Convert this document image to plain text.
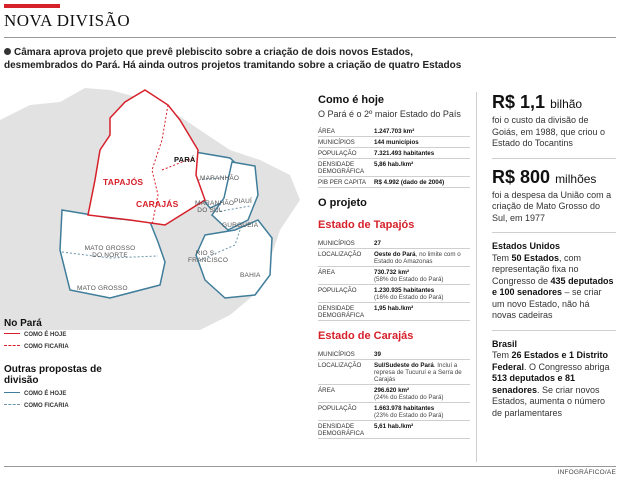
NOVA DIVISÃO
Câmara aprova projeto que prevê plebiscito sobre a criação de dois novos Estados, desmembrados do Pará. Há ainda outros projetos tramitando sobre a criação de quatro Estados
PARÁ
TAPAJÓS
CARAJÁS
MARANHÃO
MARANHÃO DO SUL
PIAUÍ
GURGUEIA
MATO GROSSO DO NORTE
MATO GROSSO
RIO S. FRANCISCO
BAHIA
No Pará
COMO É HOJE
COMO FICARIA
Outras propostas de divisão
COMO É HOJE
COMO FICARIA
Como é hoje
O Pará é o 2º maior Estado do País
ÁREA	1.247.703 km²
MUNICÍPIOS	144 municípios
POPULAÇÃO	7.321.493 habitantes
DENSIDADE DEMOGRÁFICA	5,86 hab./km²
PIB PER CAPITA	R$ 4.992 (dado de 2004)
O projeto
Estado de Tapajós
MUNICÍPIOS	27
LOCALIZAÇÃO	Oeste do Pará, no limite com o Estado do Amazonas
ÁREA	730.732 km²
(58% do Estado do Pará)
POPULAÇÃO	1.230.935 habitantes
(16% do Estado do Pará)
DENSIDADE DEMOGRÁFICA	1,95 hab./km²
Estado de Carajás
MUNICÍPIOS	39
LOCALIZAÇÃO	Sul/Sudeste do Pará. Incluí a represa de Tucuruí e a Serra de Carajás
ÁREA	296.620 km²
(24% do Estado do Pará)
POPULAÇÃO	1.663.978 habitantes
(23% do Estado do Pará)
DENSIDADE DEMOGRÁFICA	5,61 hab./km²
R$ 1,1 bilhão
foi o custo da divisão de Goiás, em 1988, que criou o Estado do Tocantins
R$ 800 milhões
foi a despesa da União com a criação de Mato Grosso do Sul, em 1977
Estados Unidos
Tem 50 Estados, com representação fixa no Congresso de 435 deputados e 100 senadores – se criar um novo Estado, não há novas cadeiras
Brasil
Tem 26 Estados e 1 Distrito Federal. O Congresso abriga 513 deputados e 81 senadores. Se criar novos Estados, aumenta o número de parlamentares
INFOGRÁFICO/AE
